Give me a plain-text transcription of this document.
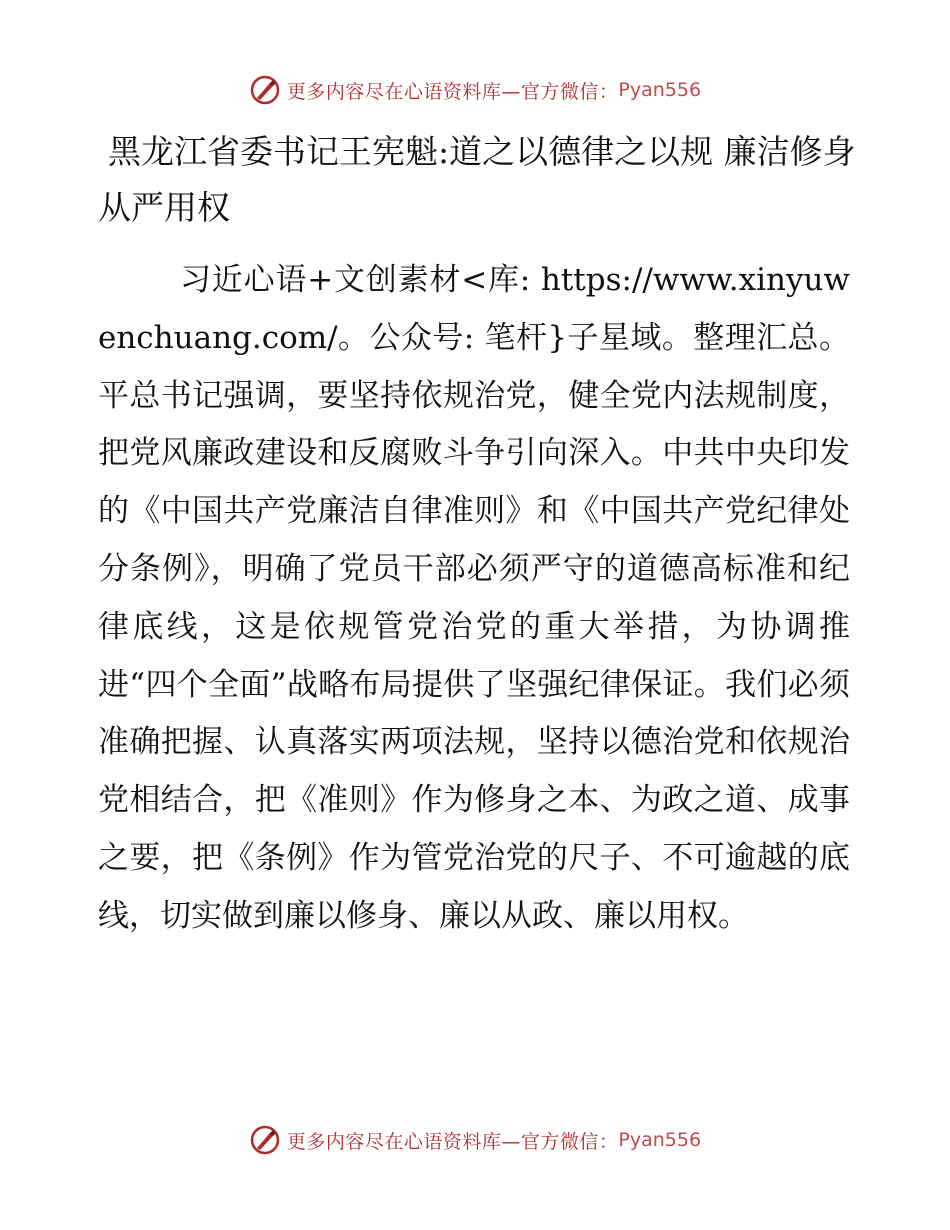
更多内容尽在心语资料库—官方微信： Pyan556
黑龙江省委书记王宪魁:道之以德律之以规 廉洁修身从严用权

习近心语+文创素材<库: https://www.xinyuwenchuang.com/。公众号: 笔杆}子星域。整理汇总。平总书记强调，要坚持依规治党，健全党内法规制度，把党风廉政建设和反腐败斗争引向深入。中共中央印发的《中国共产党廉洁自律准则》和《中国共产党纪律处分条例》，明确了党员干部必须严守的道德高标准和纪律底线，这是依规管党治党的重大举措，为协调推进“四个全面”战略布局提供了坚强纪律保证。我们必须准确把握、认真落实两项法规，坚持以德治党和依规治党相结合，把《准则》作为修身之本、为政之道、成事之要，把《条例》作为管党治党的尺子、不可逾越的底线，切实做到廉以修身、廉以从政、廉以用权。

更多内容尽在心语资料库—官方微信： Pyan556
